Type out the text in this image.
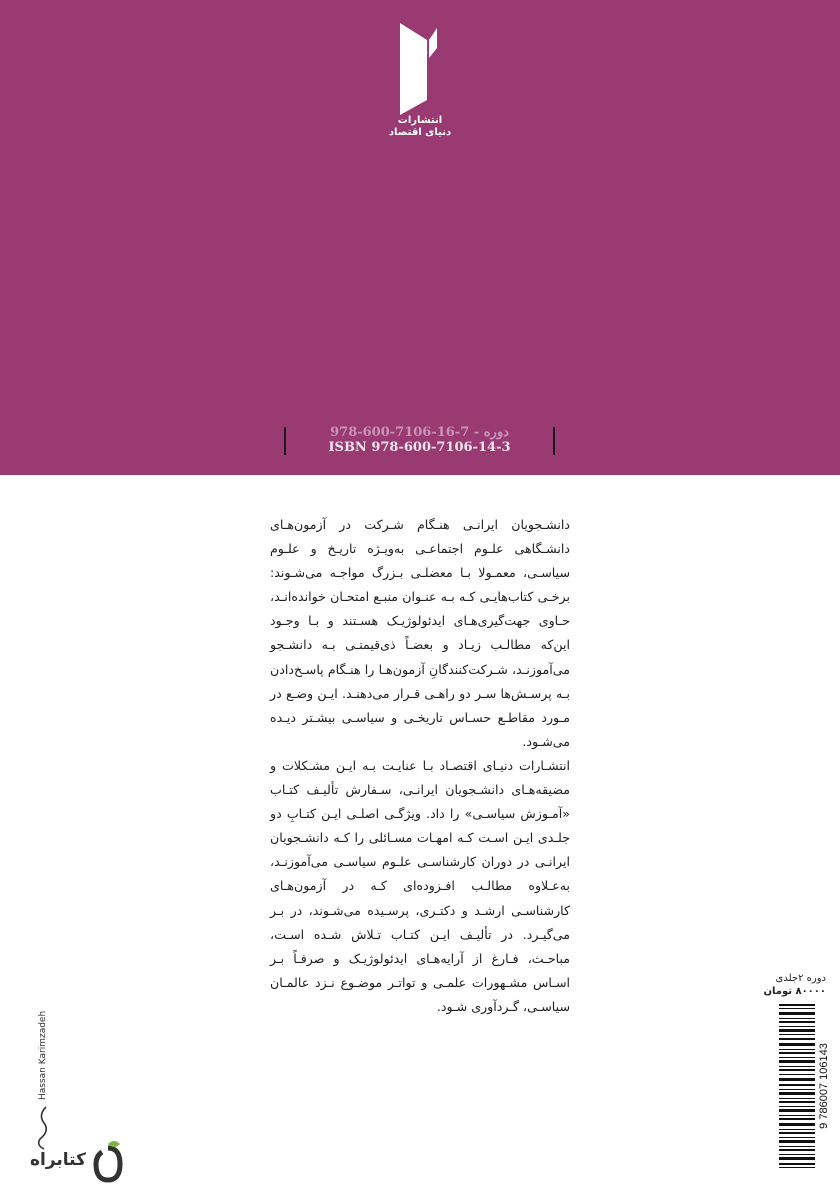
انتشارات
دنیای اقتصاد
978-600-7106-16-7 - دوره
ISBN 978-600-7106-14-3

دانشـجویان ایرانـی هنـگام شـرکت در آزمون‌هـای دانشـگاهی علـوم اجتماعـی به‌ویـژه تاریـخ و علـوم سیاسـی، معمـولا بـا معضلـی بـزرگ مواجـه می‌شـوند: برخـی کتاب‌هایـی کـه بـه عنـوان منبـع امتحـان خوانده‌انـد، حـاوی جهت‌گیری‌هـای ایدئولوژیـک هسـتند و بـا وجـود این‌که مطالـب زیـاد و بعضـاً ذی‌قیمتـی بـه دانشـجو می‌آموزنـد، شـرکت‌کنندگانِ آزمون‌هـا را هنـگام پاسـخ‌دادن بـه پرسـش‌ها سـر دو راهـی قـرار می‌دهنـد. ایـن وضـع در مـورد مقاطـع حسـاس تاریخـی و سیاسـی بیشـتر دیـده می‌شـود.

انتشـارات دنیـای اقتصـاد بـا عنایـت بـه ایـن مشـکلات و مضیقه‌هـای دانشـجویان ایرانـی، سـفارش تألیـف کتـاب «آمـوزش سیاسـی» را داد. ویژگـی اصلـی ایـن کتـابِ دو جلـدی ایـن اسـت کـه امهـات مسـائلی را کـه دانشـجویان ایرانـی در دوران کارشناسـی علـوم سیاسـی می‌آموزنـد، به‌عـلاوه مطالـب افـزوده‌ای کـه در آزمون‌هـای کارشناسـی ارشـد و دکتـری، پرسـیده می‌شـوند، در بـر می‌گیـرد. در تألیـف ایـن کتـاب تـلاش شـده اسـت، مباحـث، فـارغ از آرایه‌هـای ایدئولوژیـک و صرفـاً بـر اسـاس مشـهورات علمـی و تواتـر موضـوع نـزد عالمـان سیاسـی، گـردآوری شـود.

دوره ۲جلدی
۸۰۰۰۰ تومان
9 786007 106143
Hassan Karimzadeh
کتابراه
